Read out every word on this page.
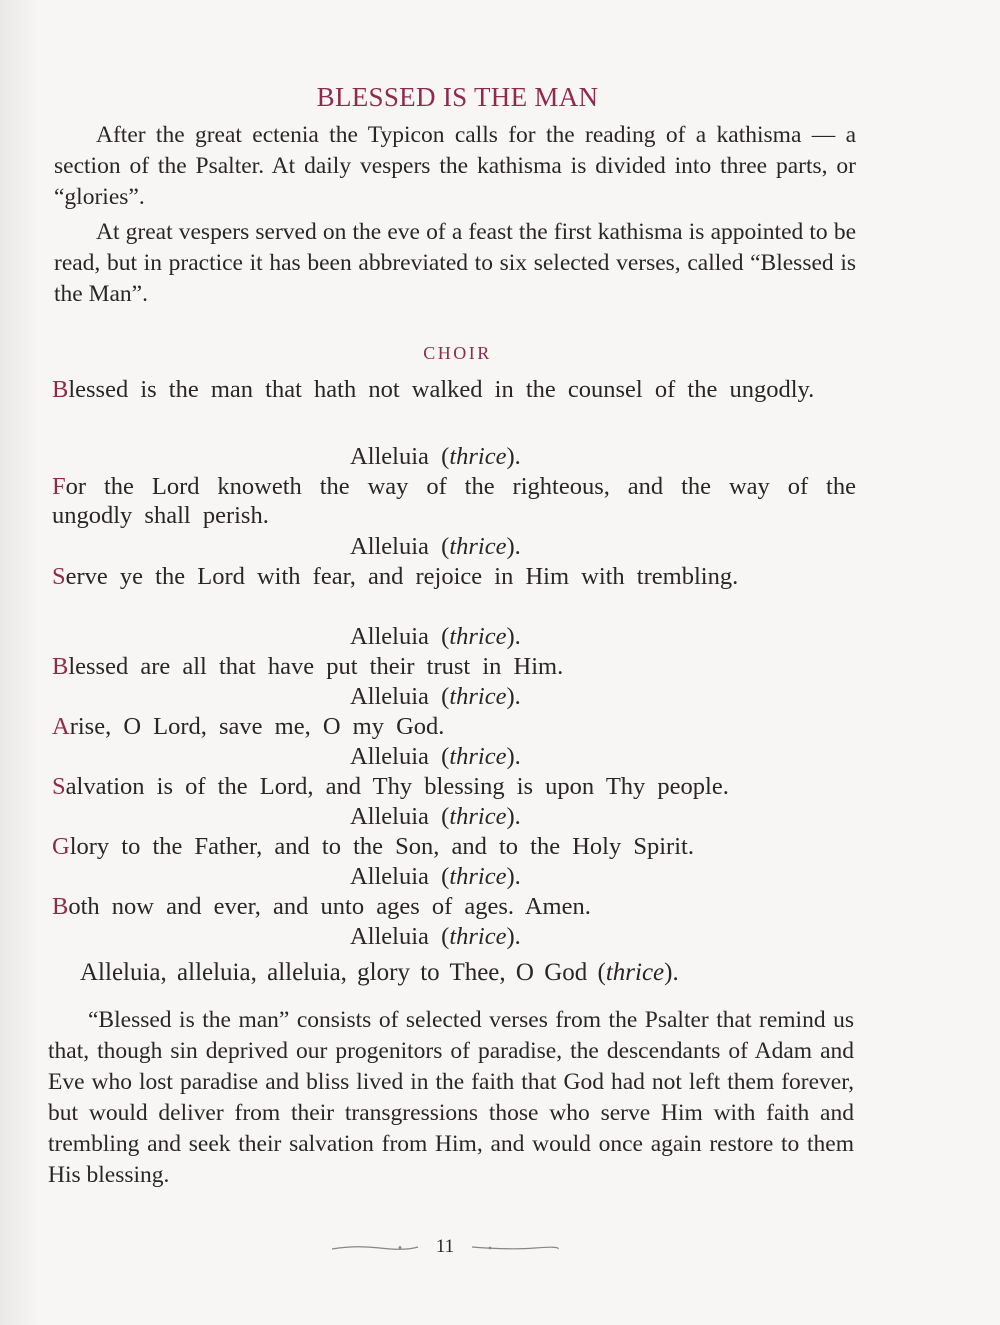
BLESSED IS THE MAN

After the great ectenia the Typicon calls for the reading of a kathisma — a section of the Psalter. At daily vespers the kathisma is divided into three parts, or “glories”.

At great vespers served on the eve of a feast the first kathisma is appointed to be read, but in practice it has been abbreviated to six selected verses, called “Blessed is the Man”.

CHOIR
Blessed is the man that hath not walked in the counsel of the ungodly.
Alleluia (thrice).
For the Lord knoweth the way of the righteous, and the way of the ungodly shall perish.
Alleluia (thrice).
Serve ye the Lord with fear, and rejoice in Him with trembling.
Alleluia (thrice).
Blessed are all that have put their trust in Him.
Alleluia (thrice).
Arise, O Lord, save me, O my God.
Alleluia (thrice).
Salvation is of the Lord, and Thy blessing is upon Thy people.
Alleluia (thrice).
Glory to the Father, and to the Son, and to the Holy Spirit.
Alleluia (thrice).
Both now and ever, and unto ages of ages. Amen.
Alleluia (thrice).
Alleluia, alleluia, alleluia, glory to Thee, O God (thrice).

“Blessed is the man” consists of selected verses from the Psalter that remind us that, though sin deprived our progenitors of paradise, the descendants of Adam and Eve who lost paradise and bliss lived in the faith that God had not left them forever, but would deliver from their transgressions those who serve Him with faith and trembling and seek their salvation from Him, and would once again restore to them His blessing.

11
